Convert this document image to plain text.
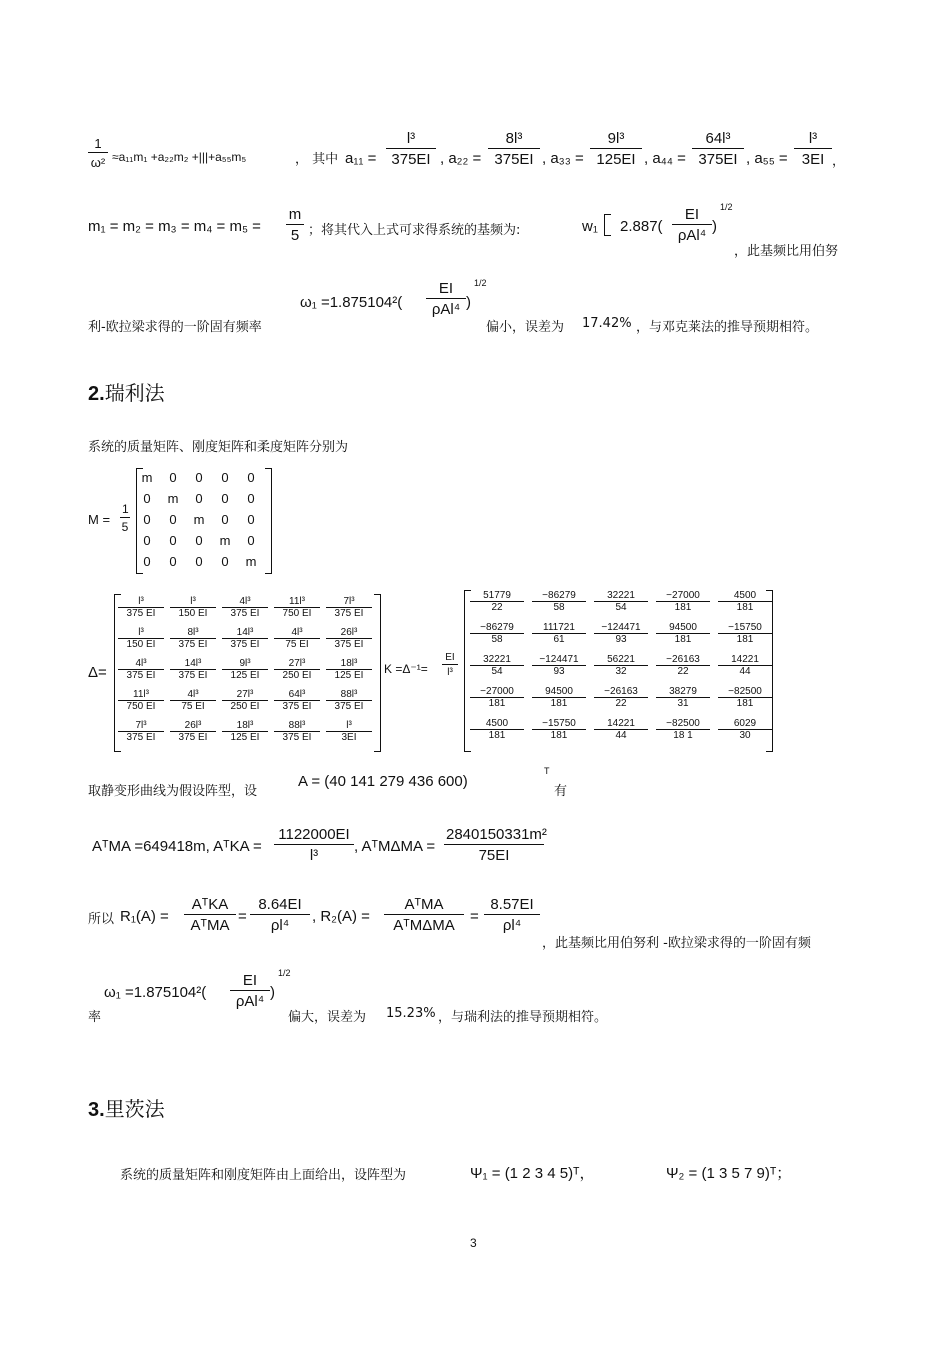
$\frac{1}{\text{ω²}} \approx a_{11}m_1 +a_{22}m_2 +|||+a_{55}m_5$	， 其中 $a_{11} = \frac{\text{l³}}{375EI}$ , $a_{22} = \frac{\text{8l³}}{375EI}$ , $a_{33} = \frac{\text{9l³}}{125EI}$ , $a_{44} = \frac{\text{64l³}}{375EI}$ , $a_{55} = \frac{\text{l³}}{3EI}$ ，
$m_1 = m_2 = m_3 = m_4 = m_5 = \frac{m}{5}$ ；将其代入上式可求得系统的基频为:	w₁ 2.887(
EI
ρAl⁴
)
1/2
，此基频比用伯努
利-欧拉梁求得的一阶固有频率
ω₁ =1.875104²(
EI
ρAl⁴ )
1/2
偏小，误差为 17.42% ，与邓克莱法的推导预期相符。
2.瑞利法
系统的质量矩阵、刚度矩阵和柔度矩阵分别为
$M = \frac{1}{5}$
m	0	0	0	0
0	m	0	0	0
0	0	m	0	0
0	0	0	m	0
0	0	0	0	m
Δ=
$\frac{\text{l³}}{375 EI} \frac{\text{l³}}{150 EI} \frac{\text{4l³}}{375 EI} \frac{\text{11l³}}{750 EI} \frac{\text{7l³}}{375 EI}$
$\frac{\text{l³}}{150 EI} \frac{\text{8l³}}{375 EI} \frac{\text{14l³}}{375 EI} \frac{\text{4l³}}{75 EI} \frac{\text{26l³}}{375 EI}$
$\frac{\text{4l³}}{375 EI} \frac{\text{14l³}}{375 EI} \frac{\text{9l³}}{125 EI} \frac{\text{27l³}}{250 EI} \frac{\text{18l³}}{125 EI}$
$\frac{\text{11l³}}{750 EI} \frac{\text{4l³}}{75 EI} \frac{\text{27l³}}{250 EI} \frac{\text{64l³}}{375 EI} \frac{\text{88l³}}{375 EI}$
$\frac{\text{7l³}}{375 EI} \frac{\text{26l³}}{375 EI} \frac{\text{18l³}}{125 EI} \frac{\text{88l³}}{375 EI} \frac{\text{l³}}{3EI}$
$K =\Delta^{-1}= \frac{EI}{\text{l³}}$
$\frac{51779}{22} \frac{-86279}{58} \frac{32221}{54} \frac{-27000}{181} \frac{4500}{181}$
$\frac{-86279}{58} \frac{111721}{61} \frac{-124471}{93} \frac{94500}{181} \frac{-15750}{181}$
$\frac{32221}{54} \frac{-124471}{93} \frac{56221}{32} \frac{-26163}{22} \frac{14221}{44}$
$\frac{-27000}{181} \frac{94500}{181} \frac{-26163}{22} \frac{38279}{31} \frac{-82500}{181}$
$\frac{4500}{181} \frac{-15750}{181} \frac{14221}{44} \frac{-82500}{18 1} \frac{6029}{30}$
取静变形曲线为假设阵型，设
A = (40 141 279 436 600)
T
有
AᵀMA =649418m, AᵀKA = $\frac{1122000EI}{\text{l³}}$ , AᵀMΔMA = $\frac{\text{2840150331m²}}{75EI}$
所以 R₁(A) =
AᵀKA
AᵀMA
= $\frac{8.64EI}{\text{ρl⁴}}$ , R₂(A) =
AᵀMA
AᵀMΔMA
= $\frac{8.57EI}{\text{ρl⁴}}$
，此基频比用伯努利 -欧拉梁求得的一阶固有频
率
ω₁ =1.875104²(
EI
ρAl⁴
)
1/2
偏大，误差为 15.23% ，与瑞利法的推导预期相符。
3.里茨法
系统的质量矩阵和刚度矩阵由上面给出，设阵型为	Ψ₁ = (1 2 3 4 5)ᵀ，	Ψ₂ = (1 3 5 7 9)ᵀ；
3
